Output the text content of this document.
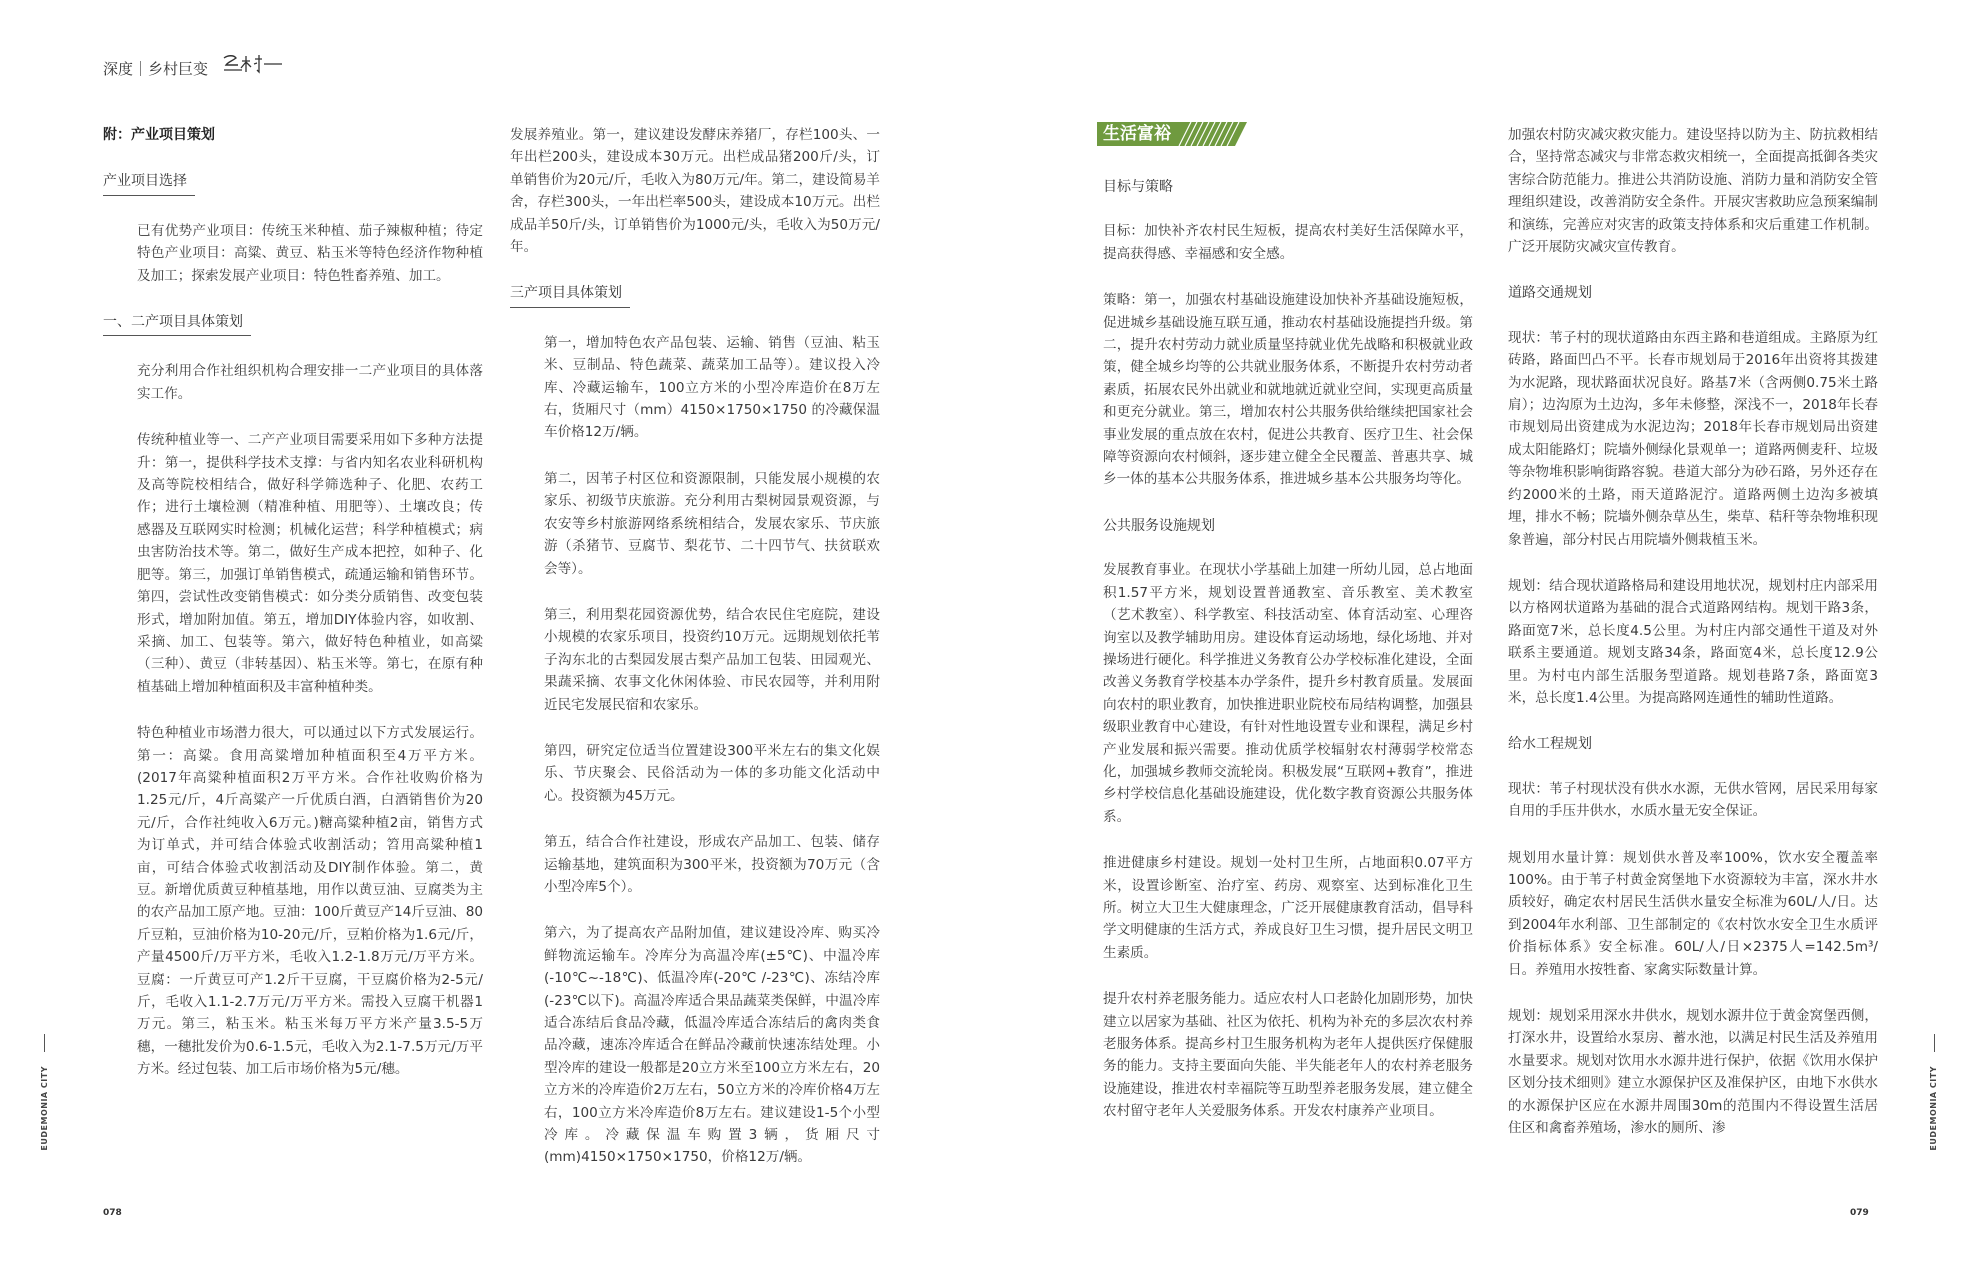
深度｜乡村巨变

附：产业项目策划

产业项目选择

已有优势产业项目：传统玉米种植、茄子辣椒种植；待定特色产业项目：高粱、黄豆、粘玉米等特色经济作物种植及加工；探索发展产业项目：特色牲畜养殖、加工。

一、二产项目具体策划

充分利用合作社组织机构合理安排一二产业项目的具体落实工作。

传统种植业等一、二产产业项目需要采用如下多种方法提升：第一，提供科学技术支撑：与省内知名农业科研机构及高等院校相结合，做好科学筛选种子、化肥、农药工作；进行土壤检测（精准种植、用肥等）、土壤改良；传感器及互联网实时检测；机械化运营；科学种植模式；病虫害防治技术等。第二，做好生产成本把控，如种子、化肥等。第三，加强订单销售模式，疏通运输和销售环节。第四，尝试性改变销售模式：如分类分质销售、改变包装形式，增加附加值。第五，增加DIY体验内容，如收割、采摘、加工、包装等。第六，做好特色种植业，如高粱（三种）、黄豆（非转基因）、粘玉米等。第七，在原有种植基础上增加种植面积及丰富种植种类。

特色种植业市场潜力很大，可以通过以下方式发展运行。第一：高粱。食用高粱增加种植面积至4万平方米。(2017年高粱种植面积2万平方米。合作社收购价格为1.25元/斤，4斤高粱产一斤优质白酒，白酒销售价为20元/斤，合作社纯收入6万元。)糖高粱种植2亩，销售方式为订单式，并可结合体验式收割活动；笤用高粱种植1亩，可结合体验式收割活动及DIY制作体验。第二，黄豆。新增优质黄豆种植基地，用作以黄豆油、豆腐类为主的农产品加工原产地。豆油：100斤黄豆产14斤豆油、80斤豆粕，豆油价格为10-20元/斤，豆粕价格为1.6元/斤，产量4500斤/万平方米，毛收入1.2-1.8万元/万平方米。豆腐：一斤黄豆可产1.2斤干豆腐，干豆腐价格为2-5元/斤，毛收入1.1-2.7万元/万平方米。需投入豆腐干机器1万元。第三，粘玉米。粘玉米每万平方米产量3.5-5万穗，一穗批发价为0.6-1.5元，毛收入为2.1-7.5万元/万平方米。经过包装、加工后市场价格为5元/穗。

发展养殖业。第一，建议建设发酵床养猪厂，存栏100头、一年出栏200头，建设成本30万元。出栏成品猪200斤/头，订单销售价为20元/斤，毛收入为80万元/年。第二，建设简易羊舍，存栏300头，一年出栏率500头，建设成本10万元。出栏成品羊50斤/头，订单销售价为1000元/头，毛收入为50万元/年。

三产项目具体策划

第一，增加特色农产品包装、运输、销售（豆油、粘玉米、豆制品、特色蔬菜、蔬菜加工品等）。建议投入冷库、冷藏运输车，100立方米的小型冷库造价在8万左右，货厢尺寸（mm）4150×1750×1750 的冷藏保温车价格12万/辆。

第二，因苇子村区位和资源限制，只能发展小规模的农家乐、初级节庆旅游。充分利用古梨树园景观资源，与农安等乡村旅游网络系统相结合，发展农家乐、节庆旅游（杀猪节、豆腐节、梨花节、二十四节气、扶贫联欢会等）。

第三，利用梨花园资源优势，结合农民住宅庭院，建设小规模的农家乐项目，投资约10万元。远期规划依托苇子沟东北的古梨园发展古梨产品加工包装、田园观光、果蔬采摘、农事文化休闲体验、市民农园等，并利用附近民宅发展民宿和农家乐。

第四，研究定位适当位置建设300平米左右的集文化娱乐、节庆聚会、民俗活动为一体的多功能文化活动中心。投资额为45万元。

第五，结合合作社建设，形成农产品加工、包装、储存运输基地，建筑面积为300平米，投资额为70万元（含小型冷库5个）。

第六，为了提高农产品附加值，建议建设冷库、购买冷鲜物流运输车。冷库分为高温冷库(±5℃)、中温冷库(-10℃~-18℃)、低温冷库(-20℃ /-23℃)、冻结冷库(-23℃以下)。高温冷库适合果品蔬菜类保鲜，中温冷库适合冻结后食品冷藏，低温冷库适合冻结后的禽肉类食品冷藏，速冻冷库适合在鲜品冷藏前快速冻结处理。小型冷库的建设一般都是20立方米至100立方米左右，20立方米的冷库造价2万左右，50立方米的冷库价格4万左右，100立方米冷库造价8万左右。建议建设1-5个小型冷库。冷藏保温车购置3辆，货厢尺寸(mm)4150×1750×1750，价格12万/辆。

生活富裕

目标与策略

目标：加快补齐农村民生短板，提高农村美好生活保障水平，提高获得感、幸福感和安全感。

策略：第一，加强农村基础设施建设加快补齐基础设施短板，促进城乡基础设施互联互通，推动农村基础设施提挡升级。第二，提升农村劳动力就业质量坚持就业优先战略和积极就业政策，健全城乡均等的公共就业服务体系，不断提升农村劳动者素质，拓展农民外出就业和就地就近就业空间，实现更高质量和更充分就业。第三，增加农村公共服务供给继续把国家社会事业发展的重点放在农村，促进公共教育、医疗卫生、社会保障等资源向农村倾斜，逐步建立健全全民覆盖、普惠共享、城乡一体的基本公共服务体系，推进城乡基本公共服务均等化。

公共服务设施规划

发展教育事业。在现状小学基础上加建一所幼儿园，总占地面积1.57平方米，规划设置普通教室、音乐教室、美术教室（艺术教室）、科学教室、科技活动室、体育活动室、心理咨询室以及教学辅助用房。建设体育运动场地，绿化场地、并对操场进行硬化。科学推进义务教育公办学校标准化建设，全面改善义务教育学校基本办学条件，提升乡村教育质量。发展面向农村的职业教育，加快推进职业院校布局结构调整，加强县级职业教育中心建设，有针对性地设置专业和课程，满足乡村产业发展和振兴需要。推动优质学校辐射农村薄弱学校常态化，加强城乡教师交流轮岗。积极发展“互联网+教育”，推进乡村学校信息化基础设施建设，优化数字教育资源公共服务体系。

推进健康乡村建设。规划一处村卫生所，占地面积0.07平方米，设置诊断室、治疗室、药房、观察室、达到标准化卫生所。树立大卫生大健康理念，广泛开展健康教育活动，倡导科学文明健康的生活方式，养成良好卫生习惯，提升居民文明卫生素质。

提升农村养老服务能力。适应农村人口老龄化加剧形势，加快建立以居家为基础、社区为依托、机构为补充的多层次农村养老服务体系。提高乡村卫生服务机构为老年人提供医疗保健服务的能力。支持主要面向失能、半失能老年人的农村养老服务设施建设，推进农村幸福院等互助型养老服务发展，建立健全农村留守老年人关爱服务体系。开发农村康养产业项目。

加强农村防灾减灾救灾能力。建设坚持以防为主、防抗救相结合，坚持常态减灾与非常态救灾相统一，全面提高抵御各类灾害综合防范能力。推进公共消防设施、消防力量和消防安全管理组织建设，改善消防安全条件。开展灾害救助应急预案编制和演练，完善应对灾害的政策支持体系和灾后重建工作机制。广泛开展防灾减灾宣传教育。

道路交通规划

现状：苇子村的现状道路由东西主路和巷道组成。主路原为红砖路，路面凹凸不平。长春市规划局于2016年出资将其拨建为水泥路，现状路面状况良好。路基7米（含两侧0.75米土路肩）；边沟原为土边沟，多年未修整，深浅不一，2018年长春市规划局出资建成为水泥边沟；2018年长春市规划局出资建成太阳能路灯；院墙外侧绿化景观单一；道路两侧麦秆、垃圾等杂物堆积影响街路容貌。巷道大部分为砂石路，另外还存在约2000米的土路，雨天道路泥泞。道路两侧土边沟多被填埋，排水不畅；院墙外侧杂草丛生，柴草、秸秆等杂物堆积现象普遍，部分村民占用院墙外侧栽植玉米。

规划：结合现状道路格局和建设用地状况，规划村庄内部采用以方格网状道路为基础的混合式道路网结构。规划干路3条，路面宽7米，总长度4.5公里。为村庄内部交通性干道及对外联系主要通道。规划支路34条，路面宽4米，总长度12.9公里。为村屯内部生活服务型道路。规划巷路7条，路面宽3米，总长度1.4公里。为提高路网连通性的辅助性道路。

给水工程规划

现状：苇子村现状没有供水水源，无供水管网，居民采用每家自用的手压井供水，水质水量无安全保证。

规划用水量计算：规划供水普及率100%，饮水安全覆盖率100%。由于苇子村黄金窝堡地下水资源较为丰富，深水井水质较好，确定农村居民生活供水量安全标准为60L/人/日。达到2004年水利部、卫生部制定的《农村饮水安全卫生水质评价指标体系》安全标准。60L/人/日×2375人=142.5m³/日。养殖用水按牲畜、家禽实际数量计算。

规划：规划采用深水井供水，规划水源井位于黄金窝堡西侧，打深水井，设置给水泵房、蓄水池，以满足村民生活及养殖用水量要求。规划对饮用水水源井进行保护，依据《饮用水保护区划分技术细则》建立水源保护区及准保护区，由地下水供水的水源保护区应在水源井周围30m的范围内不得设置生活居住区和禽畜养殖场，渗水的厕所、渗

EUDEMONIA CITY	EUDEMONIA CITY
078	079
